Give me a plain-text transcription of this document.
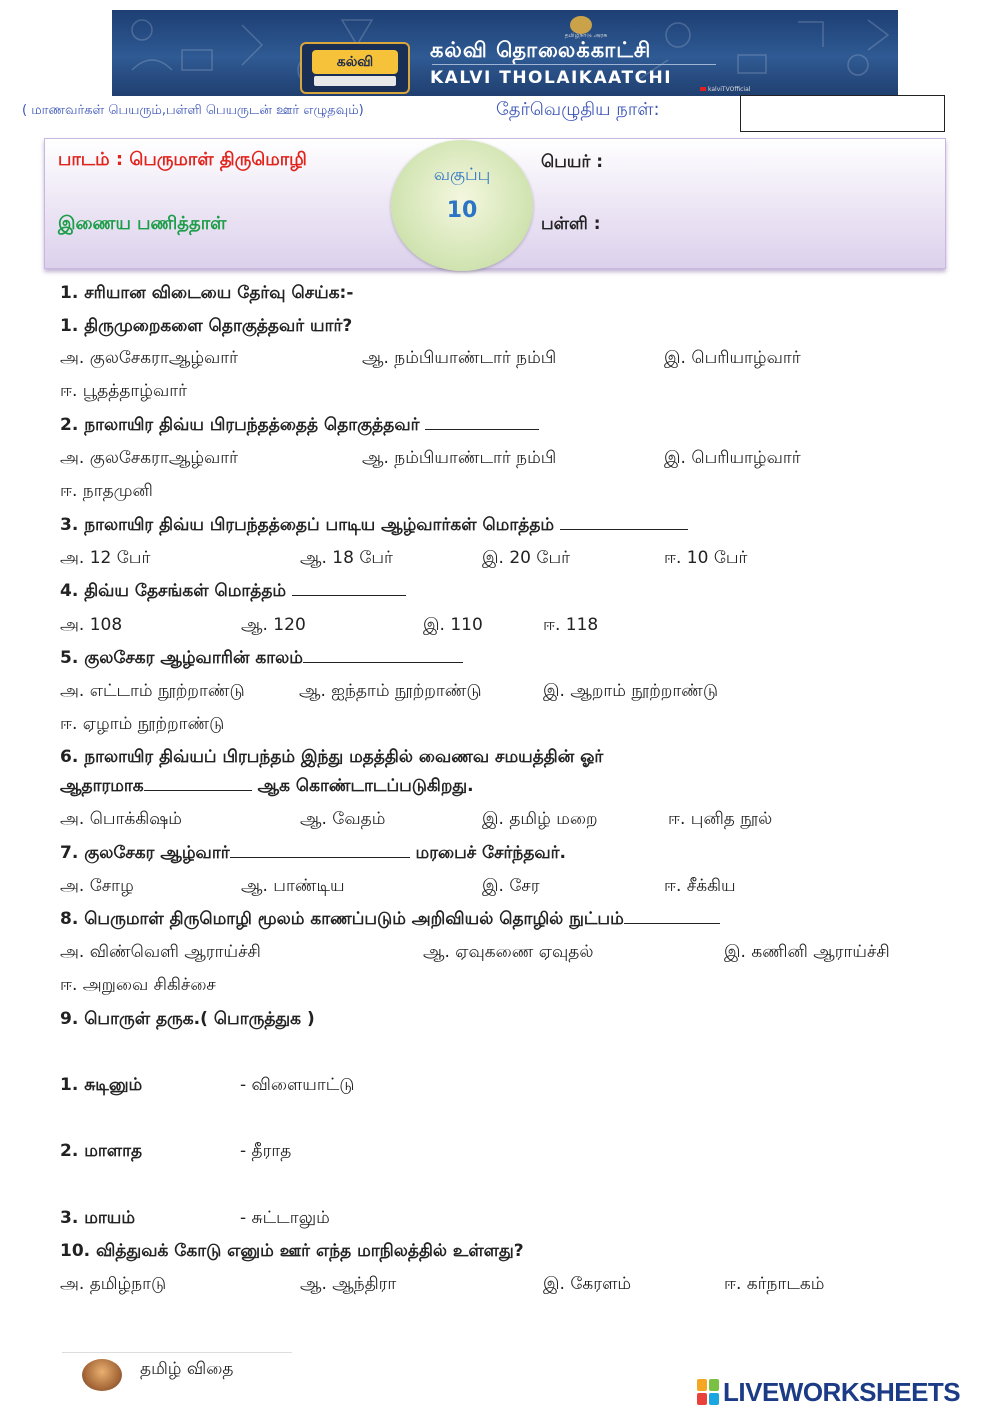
கல்வி
தமிழ்நாடு அரசு
கல்வி தொலைக்காட்சி
KALVI THOLAIKAATCHI
kalviTVOfficial
( மாணவர்கள் பெயரும்,பள்ளி பெயருடன் ஊர் எழுதவும்)	தேர்வெழுதிய நாள்:
பாடம் : பெருமாள் திருமொழி
இணைய பணித்தாள்
வகுப்பு
10
பெயர் :
பள்ளி :
1. சரியான விடையை தேர்வு செய்க:-
1. திருமுறைகளை தொகுத்தவர் யார்?
அ. குலசேகராஆழ்வார்	ஆ. நம்பியாண்டார் நம்பி	இ. பெரியாழ்வார்
ஈ. பூதத்தாழ்வார்
2. நாலாயிர திவ்ய பிரபந்தத்தைத் தொகுத்தவர்
அ. குலசேகராஆழ்வார்	ஆ. நம்பியாண்டார் நம்பி	இ. பெரியாழ்வார்
ஈ. நாதமுனி
3. நாலாயிர திவ்ய பிரபந்தத்தைப் பாடிய ஆழ்வார்கள் மொத்தம்
அ. 12 பேர்	ஆ. 18 பேர்	இ. 20 பேர்	ஈ. 10 பேர்
4. திவ்ய தேசங்கள் மொத்தம்
அ. 108	ஆ. 120	இ. 110	ஈ. 118
5. குலசேகர ஆழ்வாரின் காலம்
அ. எட்டாம் நூற்றாண்டு	ஆ. ஐந்தாம் நூற்றாண்டு	இ. ஆறாம் நூற்றாண்டு
ஈ. ஏழாம் நூற்றாண்டு
6. நாலாயிர திவ்யப் பிரபந்தம் இந்து மதத்தில் வைணவ சமயத்தின் ஓர்
ஆதாரமாக	ஆக கொண்டாடப்படுகிறது.
அ. பொக்கிஷம்	ஆ. வேதம்	இ. தமிழ் மறை	ஈ. புனித நூல்
7. குலசேகர ஆழ்வார்	மரபைச் சேர்ந்தவர்.
அ. சோழ	ஆ. பாண்டிய	இ. சேர	ஈ. சீக்கிய
8. பெருமாள் திருமொழி மூலம் காணப்படும் அறிவியல் தொழில் நுட்பம்
அ. விண்வெளி ஆராய்ச்சி	ஆ. ஏவுகணை ஏவுதல்	இ. கணினி ஆராய்ச்சி
ஈ. அறுவை சிகிச்சை
9. பொருள் தருக.( பொருத்துக )
1. சுடினும்	- விளையாட்டு
2. மாளாத	- தீராத
3. மாயம்	- சுட்டாலும்
10. வித்துவக் கோடு எனும் ஊர் எந்த மாநிலத்தில் உள்ளது?
அ. தமிழ்நாடு	ஆ. ஆந்திரா	இ. கேரளம்	ஈ. கர்நாடகம்
தமிழ் விதை
LIVEWORKSHEETS
